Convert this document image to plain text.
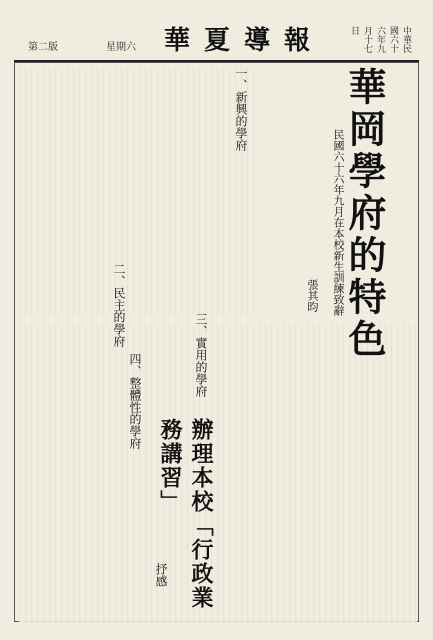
中華民國六十六年九月十七日
華夏導報
星期六
第二版
華岡學府的特色
民國六十六年九月在本校新生訓練致辭
張其昀
一、新興的學府
二、民主的學府
三、實用的學府
四、整體性的學府
辦理本校「行政業務講習」
抒感
